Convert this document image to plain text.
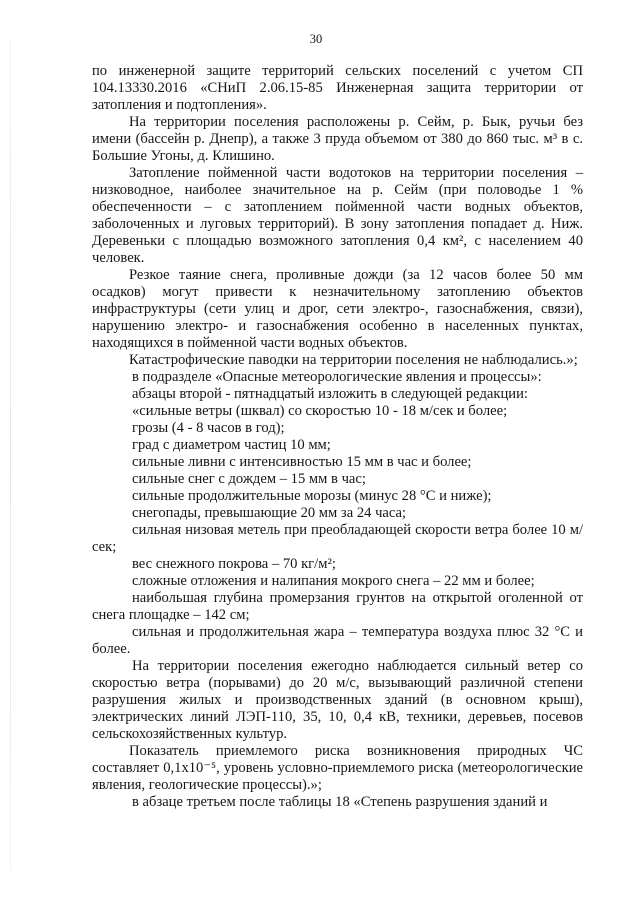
30

по инженерной защите территорий сельских поселений с учетом СП 104.13330.2016 «СНиП 2.06.15-85 Инженерная защита территории от затопления и подтопления».

На территории поселения расположены р. Сейм, р. Бык, ручьи без имени (бассейн р. Днепр), а также 3 пруда объемом от 380 до 860 тыс. м³ в с. Большие Угоны, д. Клишино.

Затопление пойменной части водотоков на территории поселения – низководное, наиболее значительное на р. Сейм (при половодье 1 % обеспеченности – с затоплением пойменной части водных объектов, заболоченных и луговых территорий). В зону затопления попадает д. Ниж. Деревеньки с площадью возможного затопления 0,4 км², с населением 40 человек.

Резкое таяние снега, проливные дожди (за 12 часов более 50 мм осадков) могут привести к незначительному затоплению объектов инфраструктуры (сети улиц и дрог, сети электро-, газоснабжения, связи), нарушению электро- и газоснабжения особенно в населенных пунктах, находящихся в пойменной части водных объектов.

Катастрофические паводки на территории поселения не наблюдались.»;

в подразделе «Опасные метеорологические явления и процессы»:

абзацы второй - пятнадцатый изложить в следующей редакции:

«сильные ветры (шквал) со скоростью 10 - 18 м/сек и более;

грозы (4 - 8 часов в год);

град с диаметром частиц 10 мм;

сильные ливни с интенсивностью 15 мм в час и более;

сильные снег с дождем – 15 мм в час;

сильные продолжительные морозы (минус 28 °С и ниже);

снегопады, превышающие 20 мм за 24 часа;

сильная низовая метель при преобладающей скорости ветра более 10 м/сек;

вес снежного покрова – 70 кг/м²;

сложные отложения и налипания мокрого снега – 22 мм и более;

наибольшая глубина промерзания грунтов на открытой оголенной от снега площадке – 142 см;

сильная и продолжительная жара – температура воздуха плюс 32 °С и более.

На территории поселения ежегодно наблюдается сильный ветер со скоростью ветра (порывами) до 20 м/с, вызывающий различной степени разрушения жилых и производственных зданий (в основном крыш), электрических линий ЛЭП-110, 35, 10, 0,4 кВ, техники, деревьев, посевов сельскохозяйственных культур.

Показатель приемлемого риска возникновения природных ЧС составляет 0,1x10⁻⁵, уровень условно-приемлемого риска (метеорологические явления, геологические процессы).»;

в абзаце третьем после таблицы 18 «Степень разрушения зданий и
